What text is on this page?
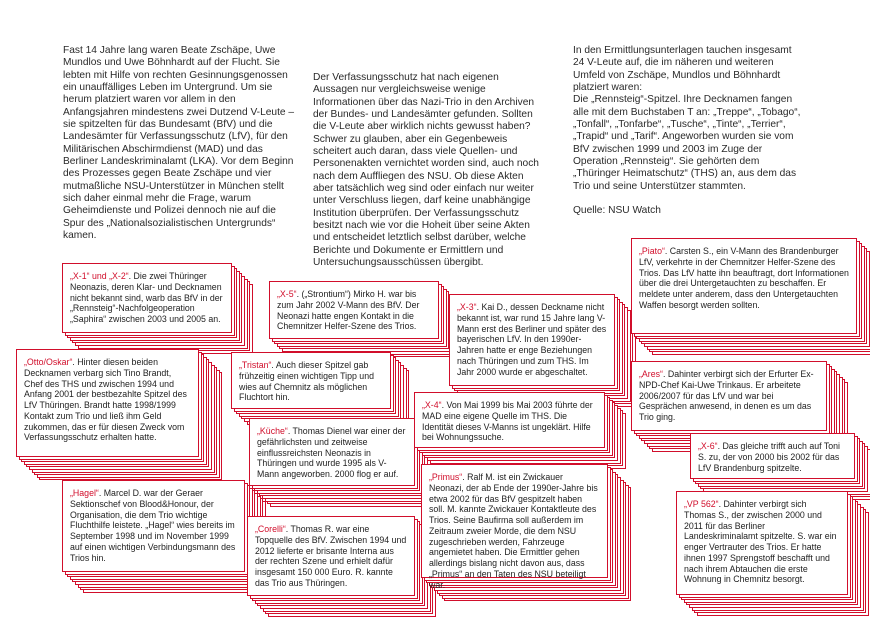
Fast 14 Jahre lang waren Beate Zschäpe, Uwe Mundlos und Uwe Böhnhardt auf der Flucht. Sie lebten mit Hilfe von rechten Gesinnungsgenossen ein unauffälliges Leben im Untergrund. Um sie herum platziert waren vor allem in den Anfangsjahren mindestens zwei Dutzend V-Leute – sie spitzelten für das Bundesamt (BfV) und die Landesämter für Verfassungsschutz (LfV), für den Militärischen Abschirmdienst (MAD) und das Berliner Landeskriminalamt (LKA). Vor dem Beginn des Prozesses gegen Beate Zschäpe und vier mutmaßliche NSU-Unterstützer in München stellt sich daher einmal mehr die Frage, warum Geheimdienste und Polizei dennoch nie auf die Spur des „Nationalsozialistischen Untergrunds“ kamen.

Der Verfassungsschutz hat nach eigenen Aussagen nur vergleichsweise wenige Informationen über das Nazi-Trio in den Archiven der Bundes- und Landesämter gefunden. Sollten die V-Leute aber wirklich nichts gewusst haben?
Schwer zu glauben, aber ein Gegenbeweis scheitert auch daran, dass viele Quellen- und Personenakten vernichtet worden sind, auch noch nach dem Auffliegen des NSU. Ob diese Akten aber tatsächlich weg sind oder einfach nur weiter unter Verschluss liegen, darf keine unabhängige Institution überprüfen. Der Verfassungsschutz besitzt nach wie vor die Hoheit über seine Akten und entscheidet letztlich selbst darüber, welche Berichte und Dokumente er Ermittlern und Untersuchungsausschüssen übergibt.

In den Ermittlungsunterlagen tauchen insgesamt 24 V-Leute auf, die im näheren und weiteren Umfeld von Zschäpe, Mundlos und Böhnhardt platziert waren:
Die „Rennsteig“-Spitzel. Ihre Decknamen fangen alle mit dem Buchstaben T an: „Treppe“, „Tobago“, „Tonfall“, „Tonfarbe“, „Tusche“, „Tinte“, „Terrier“, „Trapid“ und „Tarif“. Angeworben wurden sie vom BfV zwischen 1999 und 2003 im Zuge der Operation „Rennsteig“. Sie gehörten dem „Thüringer Heimatschutz“ (THS) an, aus dem das Trio und seine Unterstützer stammten.

Quelle: NSU Watch

„X-1“ und „X-2“. Die zwei Thüringer Neonazis, deren Klar- und Decknamen nicht bekannt sind, warb das BfV in der „Rennsteig“-Nachfolgeoperation „Saphira“ zwischen 2003 und 2005 an.
„Otto/Oskar“. Hinter diesen beiden Decknamen verbarg sich Tino Brandt, Chef des THS und zwischen 1994 und Anfang 2001 der bestbezahlte Spitzel des LfV Thüringen. Brandt hatte 1998/1999 Kontakt zum Trio und ließ ihm Geld zukommen, das er für diesen Zweck vom Verfassungsschutz erhalten hatte.
„Hagel“. Marcel D. war der Geraer Sektionschef von Blood&Honour, der Organisation, die dem Trio wichtige Fluchthilfe leistete. „Hagel“ wies bereits im September 1998 und im November 1999 auf einen wichtigen Verbindungsmann des Trios hin.
„X-5“. („Strontium“) Mirko H. war bis zum Jahr 2002 V-Mann des BfV. Der Neonazi hatte engen Kontakt in die Chemnitzer Helfer-Szene des Trios.
„Tristan“. Auch dieser Spitzel gab frühzeitig einen wichtigen Tipp und wies auf Chemnitz als möglichen Fluchtort hin.
„Küche“. Thomas Dienel war einer der gefährlichsten und zeitweise einflussreichsten Neonazis in Thüringen und wurde 1995 als V-Mann angeworben. 2000 flog er auf.
„Corelli“. Thomas R. war eine Topquelle des BfV. Zwischen 1994 und 2012 lieferte er brisante Interna aus der rechten Szene und erhielt dafür insgesamt 150 000 Euro. R. kannte das Trio aus Thüringen.
„X-3“. Kai D., dessen Deckname nicht bekannt ist, war rund 15 Jahre lang V-Mann erst des Berliner und später des bayerischen LfV. In den 1990er-Jahren hatte er enge Beziehungen nach Thüringen und zum THS. Im Jahr 2000 wurde er abgeschaltet.
„X-4“. Von Mai 1999 bis Mai 2003 führte der MAD eine eigene Quelle im THS. Die Identität dieses V-Manns ist ungeklärt. Hilfe bei Wohnungssuche.
„Primus“. Ralf M. ist ein Zwickauer Neonazi, der ab Ende der 1990er-Jahre bis etwa 2002 für das BfV gespitzelt haben soll. M. kannte Zwickauer Kontaktleute des Trios. Seine Baufirma soll außerdem im Zeitraum zweier Morde, die dem NSU zugeschrieben werden, Fahrzeuge angemietet haben. Die Ermittler gehen allerdings bislang nicht davon aus, dass „Primus“ an den Taten des NSU beteiligt war.
„Piato“. Carsten S., ein V-Mann des Brandenburger LfV, verkehrte in der Chemnitzer Helfer-Szene des Trios. Das LfV hatte ihn beauftragt, dort Informationen über die drei Untergetauchten zu beschaffen. Er meldete unter anderem, dass den Untergetauchten Waffen besorgt werden sollten.
„Ares“. Dahinter verbirgt sich der Erfurter Ex-NPD-Chef Kai-Uwe Trinkaus. Er arbeitete 2006/2007 für das LfV und war bei Gesprächen anwesend, in denen es um das Trio ging.
„X-6“. Das gleiche trifft auch auf Toni S. zu, der von 2000 bis 2002 für das LfV Brandenburg spitzelte.
„VP 562“. Dahinter verbirgt sich Thomas S., der zwischen 2000 und 2011 für das Berliner Landeskriminalamt spitzelte. S. war ein enger Vertrauter des Trios. Er hatte ihnen 1997 Sprengstoff beschafft und nach ihrem Abtauchen die erste Wohnung in Chemnitz besorgt.
